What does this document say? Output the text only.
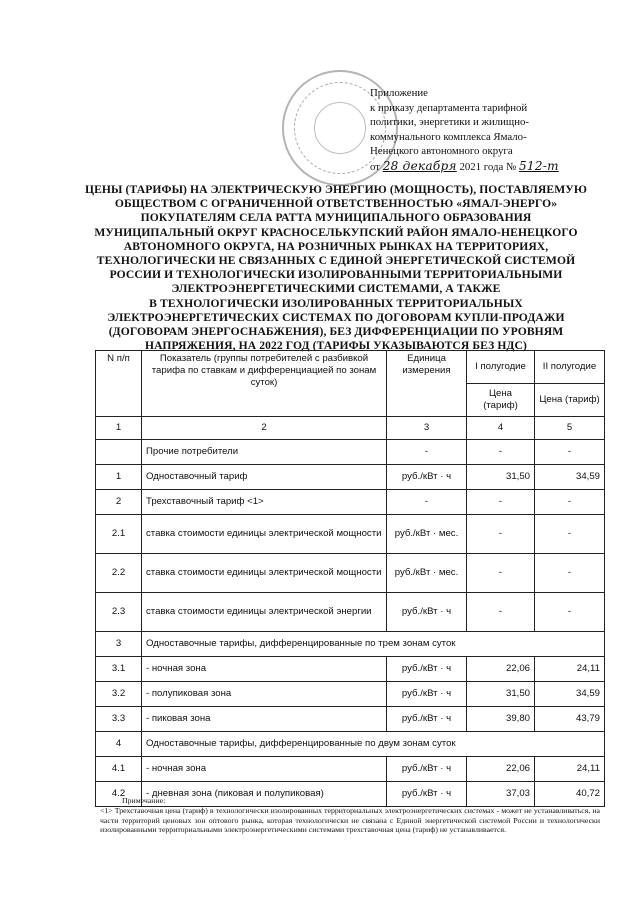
Приложение
к приказу департамента тарифной
политики, энергетики и жилищно-
коммунального комплекса Ямало-
Ненецкого автономного округа
от 28 декабря 2021 года № 512-т
ЦЕНЫ (ТАРИФЫ) НА ЭЛЕКТРИЧЕСКУЮ ЭНЕРГИЮ (МОЩНОСТЬ), ПОСТАВЛЯЕМУЮ
ОБЩЕСТВОМ С ОГРАНИЧЕННОЙ ОТВЕТСТВЕННОСТЬЮ «ЯМАЛ-ЭНЕРГО»
ПОКУПАТЕЛЯМ СЕЛА РАТТА МУНИЦИПАЛЬНОГО ОБРАЗОВАНИЯ
МУНИЦИПАЛЬНЫЙ ОКРУГ КРАСНОСЕЛЬКУПСКИЙ РАЙОН ЯМАЛО-НЕНЕЦКОГО
АВТОНОМНОГО ОКРУГА, НА РОЗНИЧНЫХ РЫНКАХ НА ТЕРРИТОРИЯХ,
ТЕХНОЛОГИЧЕСКИ НЕ СВЯЗАННЫХ С ЕДИНОЙ ЭНЕРГЕТИЧЕСКОЙ СИСТЕМОЙ
РОССИИ И ТЕХНОЛОГИЧЕСКИ ИЗОЛИРОВАННЫМИ ТЕРРИТОРИАЛЬНЫМИ
ЭЛЕКТРОЭНЕРГЕТИЧЕСКИМИ СИСТЕМАМИ, А ТАКЖЕ
В ТЕХНОЛОГИЧЕСКИ ИЗОЛИРОВАННЫХ ТЕРРИТОРИАЛЬНЫХ
ЭЛЕКТРОЭНЕРГЕТИЧЕСКИХ СИСТЕМАХ ПО ДОГОВОРАМ КУПЛИ-ПРОДАЖИ
(ДОГОВОРАМ ЭНЕРГОСНАБЖЕНИЯ), БЕЗ ДИФФЕРЕНЦИАЦИИ ПО УРОВНЯМ
НАПРЯЖЕНИЯ, НА 2022 ГОД (ТАРИФЫ УКАЗЫВАЮТСЯ БЕЗ НДС)
N п/п	Показатель (группы потребителей с разбивкой тарифа по ставкам и дифференциацией по зонам суток)	Единица измерения	I полугодие	II полугодие
			Цена (тариф)	Цена (тариф)
1	2	3	4	5
	Прочие потребители	-	-	-
1	Одноставочный тариф	руб./кВт · ч	31,50	34,59
2	Трехставочный тариф <1>	-	-	-
2.1	ставка стоимости единицы электрической мощности	руб./кВт · мес.	-	-
2.2	ставка стоимости единицы электрической мощности	руб./кВт · мес.	-	-
2.3	ставка стоимости единицы электрической энергии	руб./кВт · ч	-	-
3	Одноставочные тарифы, дифференцированные по трем зонам суток			
3.1	- ночная зона	руб./кВт · ч	22,06	24,11
3.2	- полупиковая зона	руб./кВт · ч	31,50	34,59
3.3	- пиковая зона	руб./кВт · ч	39,80	43,79
4	Одноставочные тарифы, дифференцированные по двум зонам суток			
4.1	- ночная зона	руб./кВт · ч	22,06	24,11
4.2	- дневная зона (пиковая и полупиковая)	руб./кВт · ч	37,03	40,72
Примечание:
<1> Трехставочная цена (тариф) в технологически изолированных территориальных электроэнергетических системах - может не устанавливаться, на части территорий ценовых зон оптового рынка, которая технологически не связана с Единой энергетической системой России и технологически изолированными территориальными электроэнергетическими системами трехставочная цена (тариф) не устанавливается.
